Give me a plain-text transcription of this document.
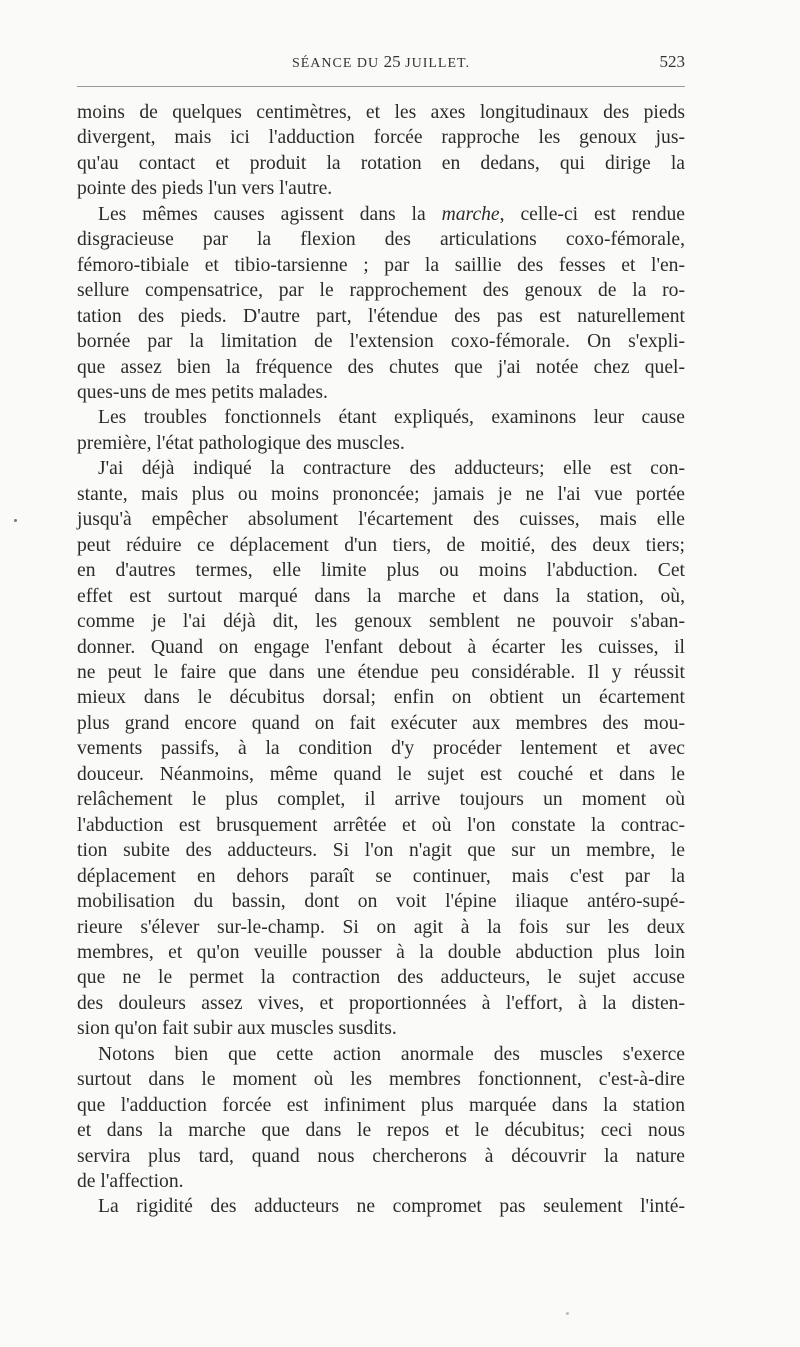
SÉANCE DU 25 JUILLET.	523

moins de quelques centimètres, et les axes longitudinaux des pieds
divergent, mais ici l'adduction forcée rapproche les genoux jus-
qu'au contact et produit la rotation en dedans, qui dirige la
pointe des pieds l'un vers l'autre.

Les mêmes causes agissent dans la marche, celle-ci est rendue
disgracieuse par la flexion des articulations coxo-fémorale,
fémoro-tibiale et tibio-tarsienne ; par la saillie des fesses et l'en-
sellure compensatrice, par le rapprochement des genoux de la ro-
tation des pieds. D'autre part, l'étendue des pas est naturellement
bornée par la limitation de l'extension coxo-fémorale. On s'expli-
que assez bien la fréquence des chutes que j'ai notée chez quel-
ques-uns de mes petits malades.

Les troubles fonctionnels étant expliqués, examinons leur cause
première, l'état pathologique des muscles.

J'ai déjà indiqué la contracture des adducteurs; elle est con-
stante, mais plus ou moins prononcée; jamais je ne l'ai vue portée
jusqu'à empêcher absolument l'écartement des cuisses, mais elle
peut réduire ce déplacement d'un tiers, de moitié, des deux tiers;
en d'autres termes, elle limite plus ou moins l'abduction. Cet
effet est surtout marqué dans la marche et dans la station, où,
comme je l'ai déjà dit, les genoux semblent ne pouvoir s'aban-
donner. Quand on engage l'enfant debout à écarter les cuisses, il
ne peut le faire que dans une étendue peu considérable. Il y réussit
mieux dans le décubitus dorsal; enfin on obtient un écartement
plus grand encore quand on fait exécuter aux membres des mou-
vements passifs, à la condition d'y procéder lentement et avec
douceur. Néanmoins, même quand le sujet est couché et dans le
relâchement le plus complet, il arrive toujours un moment où
l'abduction est brusquement arrêtée et où l'on constate la contrac-
tion subite des adducteurs. Si l'on n'agit que sur un membre, le
déplacement en dehors paraît se continuer, mais c'est par la
mobilisation du bassin, dont on voit l'épine iliaque antéro-supé-
rieure s'élever sur-le-champ. Si on agit à la fois sur les deux
membres, et qu'on veuille pousser à la double abduction plus loin
que ne le permet la contraction des adducteurs, le sujet accuse
des douleurs assez vives, et proportionnées à l'effort, à la disten-
sion qu'on fait subir aux muscles susdits.

Notons bien que cette action anormale des muscles s'exerce
surtout dans le moment où les membres fonctionnent, c'est-à-dire
que l'adduction forcée est infiniment plus marquée dans la station
et dans la marche que dans le repos et le décubitus; ceci nous
servira plus tard, quand nous chercherons à découvrir la nature
de l'affection.

La rigidité des adducteurs ne compromet pas seulement l'inté-
